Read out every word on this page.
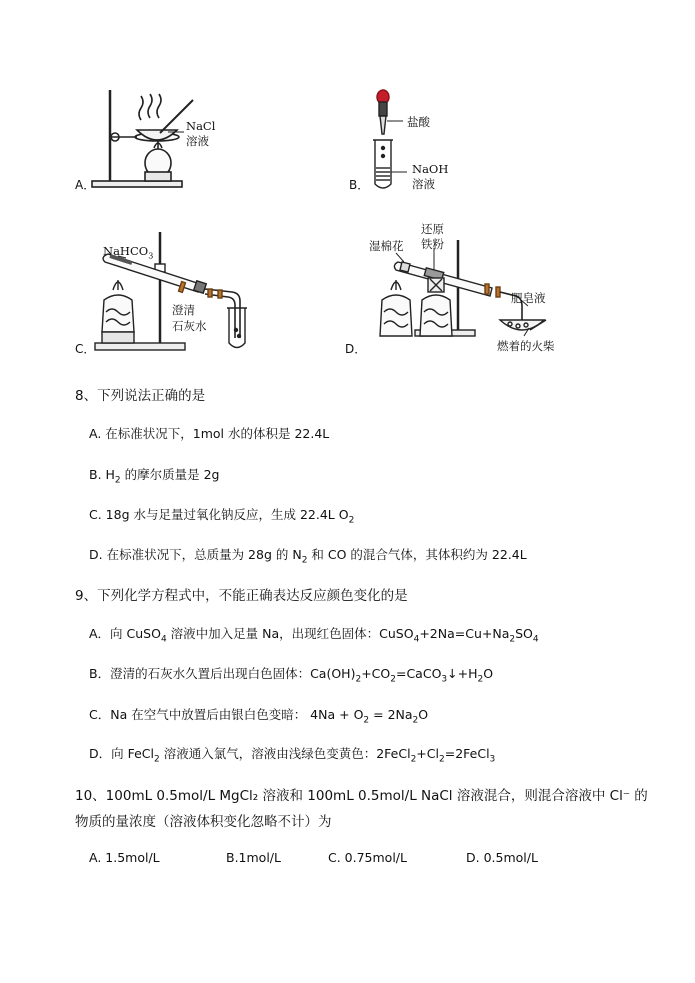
A．
NaCl
溶液
B．
盐酸
NaOH
溶液
C．
NaHCO$_3$
澄清
石灰水
D．
湿棉花
还原
铁粉
肥皂液
燃着的火柴
8、下列说法正确的是
A. 在标准状况下，1mol 水的体积是 22.4L
B. $H_2$ 的摩尔质量是 2g
C. 18g 水与足量过氧化钠反应，生成 22.4L $O_2$
D. 在标准状况下，总质量为 28g 的 $N_2$ 和 CO 的混合气体，其体积约为 22.4L
9、下列化学方程式中，不能正确表达反应颜色变化的是
A．向 CuSO$_4$ 溶液中加入足量 Na，出现红色固体：$CuSO_4+2Na=Cu+Na_2SO_4$
B．澄清的石灰水久置后出现白色固体：$Ca(OH)_2+CO_2=CaCO_3↓+H_2O$
C．Na 在空气中放置后由银白色变暗： $4Na + O_2 = 2Na_2O$
D．向 FeCl$_2$ 溶液通入氯气，溶液由浅绿色变黄色：$2FeCl_2+Cl_2=2FeCl_3$
10、100mL 0.5mol/L MgCl₂ 溶液和 100mL 0.5mol/L NaCl 溶液混合，则混合溶液中 Cl⁻ 的
物质的量浓度（溶液体积变化忽略不计）为
A. 1.5mol/L	B.1mol/L	C. 0.75mol/L	D. 0.5mol/L
